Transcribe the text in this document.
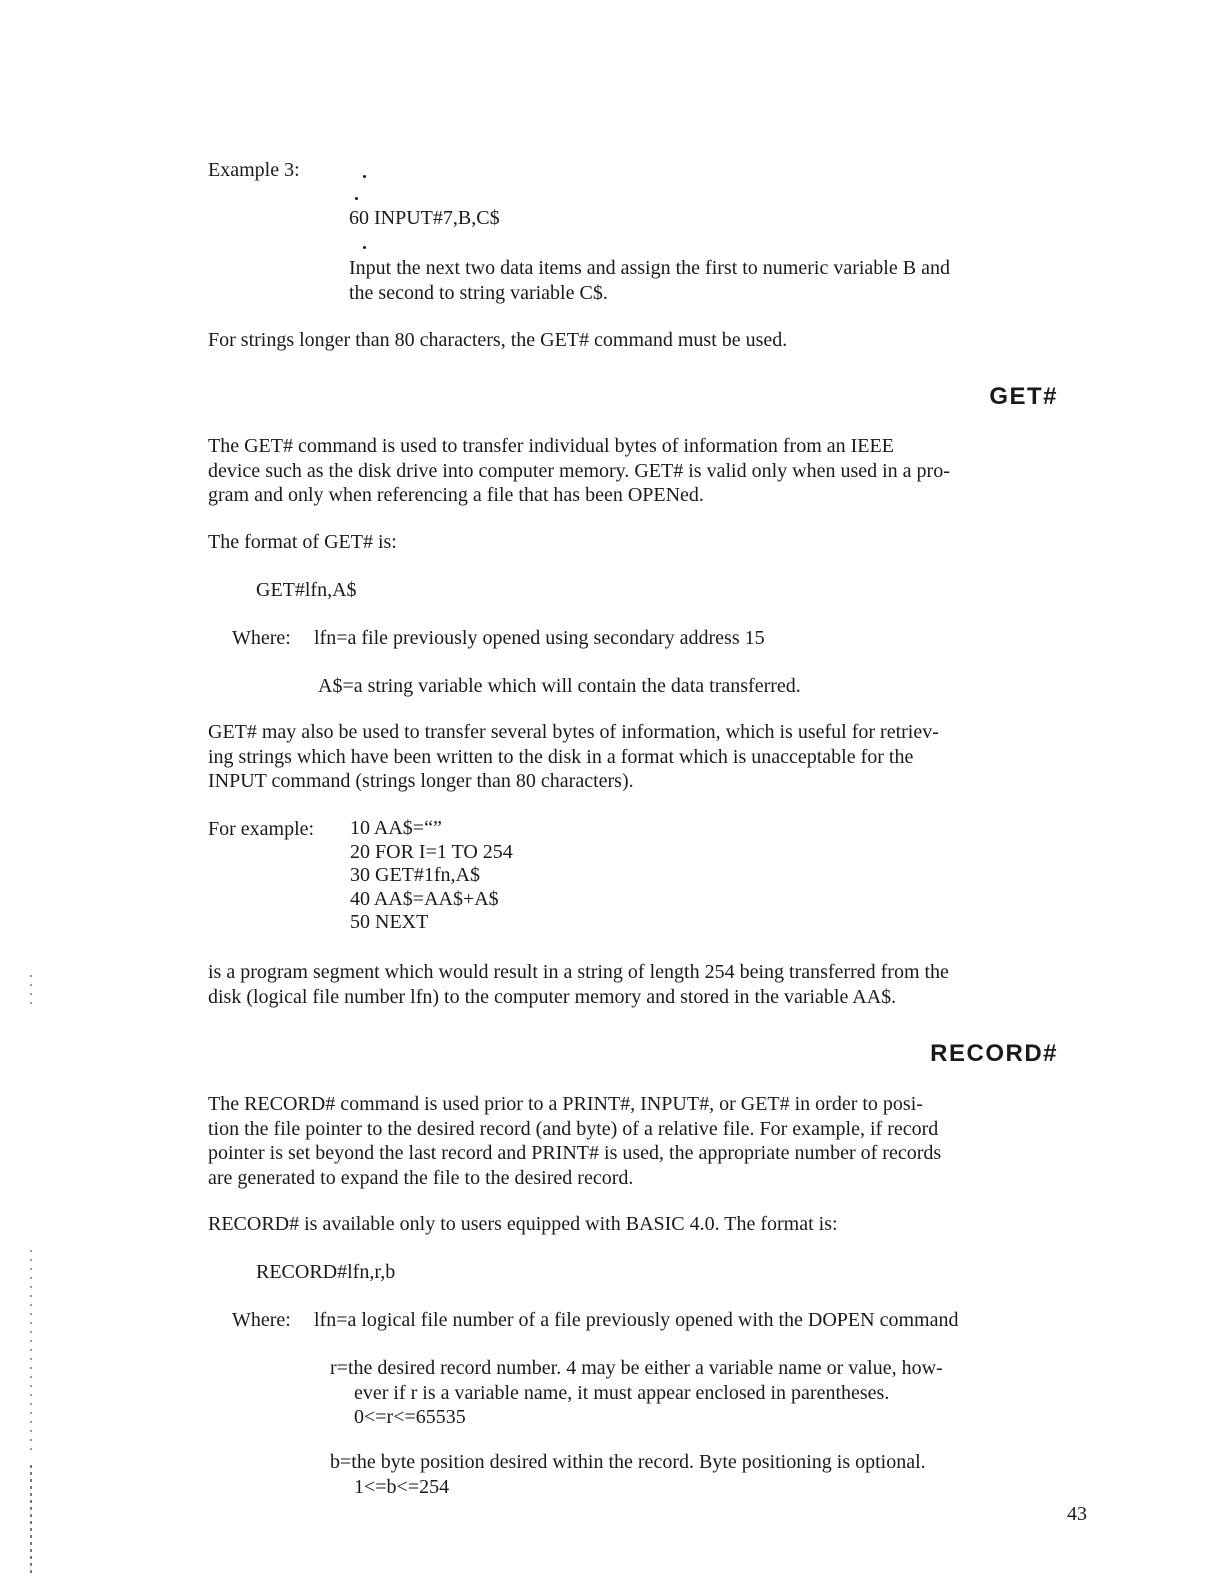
Example 3:
60 INPUT#7,B,C$
Input the next two data items and assign the first to numeric variable B and
the second to string variable C$.
For strings longer than 80 characters, the GET# command must be used.
GET#
The GET# command is used to transfer individual bytes of information from an IEEE
device such as the disk drive into computer memory. GET# is valid only when used in a pro-
gram and only when referencing a file that has been OPENed.
The format of GET# is:
GET#lfn,A$
Where: lfn=a file previously opened using secondary address 15
A$=a string variable which will contain the data transferred.
GET# may also be used to transfer several bytes of information, which is useful for retriev-
ing strings which have been written to the disk in a format which is unacceptable for the
INPUT command (strings longer than 80 characters).
For example: 10 AA$=“”
20 FOR I=1 TO 254
30 GET#1fn,A$
40 AA$=AA$+A$
50 NEXT
is a program segment which would result in a string of length 254 being transferred from the
disk (logical file number lfn) to the computer memory and stored in the variable AA$.
RECORD#
The RECORD# command is used prior to a PRINT#, INPUT#, or GET# in order to posi-
tion the file pointer to the desired record (and byte) of a relative file. For example, if record
pointer is set beyond the last record and PRINT# is used, the appropriate number of records
are generated to expand the file to the desired record.
RECORD# is available only to users equipped with BASIC 4.0. The format is:
RECORD#lfn,r,b
Where: lfn=a logical file number of a file previously opened with the DOPEN command
r=the desired record number. 4 may be either a variable name or value, how-
ever if r is a variable name, it must appear enclosed in parentheses.
0<=r<=65535
b=the byte position desired within the record. Byte positioning is optional.
1<=b<=254
43
